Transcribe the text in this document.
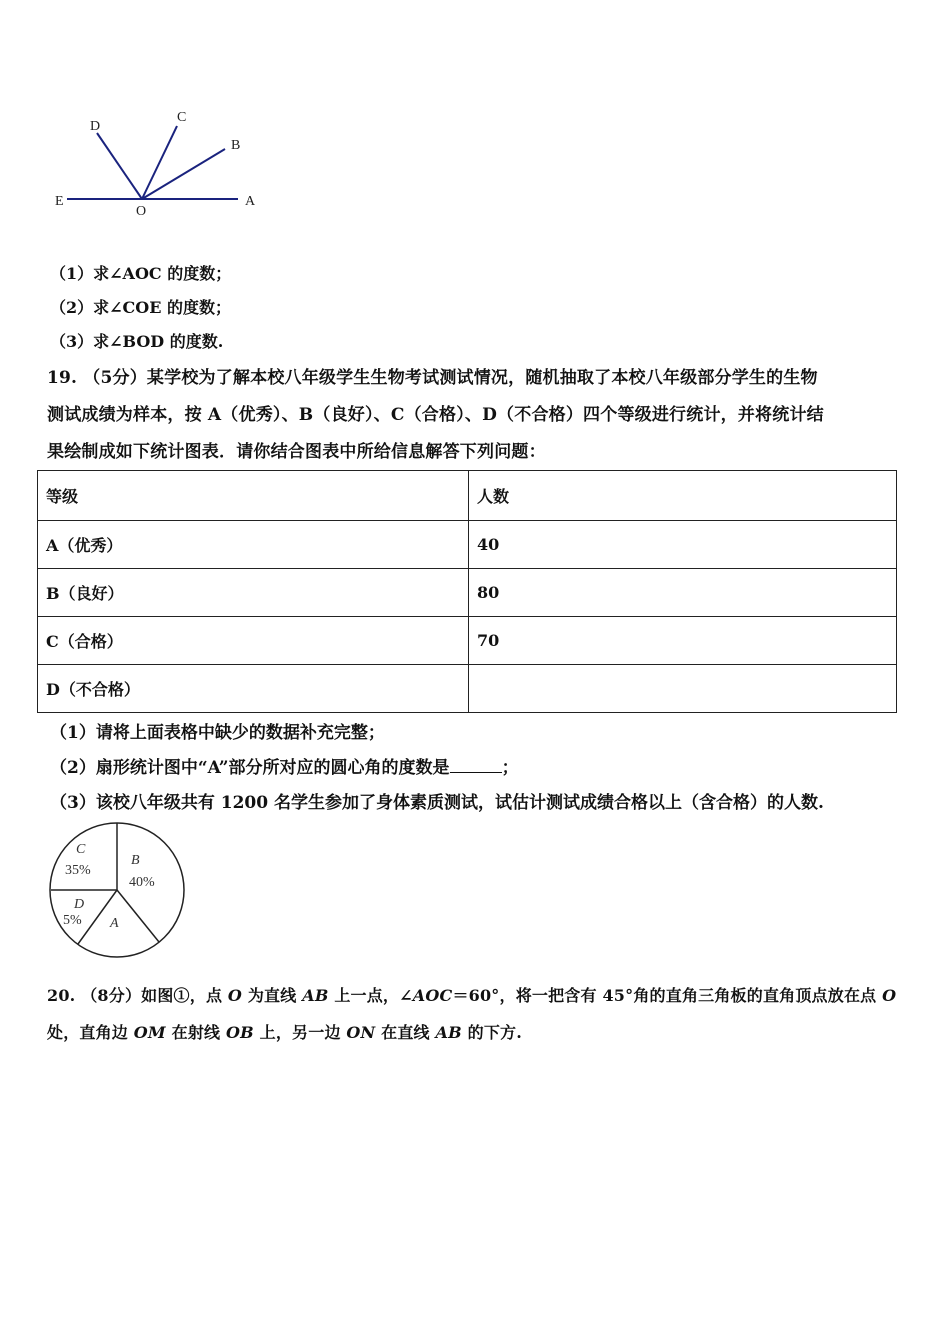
D
C
B
E
O
A
（1）求∠AOC 的度数；
（2）求∠COE 的度数；
（3）求∠BOD 的度数.
19. （5分）某学校为了解本校八年级学生生物考试测试情况，随机抽取了本校八年级部分学生的生物
测试成绩为样本，按 A（优秀）、B（良好）、C（合格）、D（不合格）四个等级进行统计，并将统计结
果绘制成如下统计图表．请你结合图表中所给信息解答下列问题：
等级	人数
A（优秀）	40
B（良好）	80
C（合格）	70
D（不合格）	
（1）请将上面表格中缺少的数据补充完整；
（2）扇形统计图中“A”部分所对应的圆心角的度数是	；
（3）该校八年级共有 1200 名学生参加了身体素质测试，试估计测试成绩合格以上（含合格）的人数.
C
35%
B
40%
A
D
5%
20. （8分）如图①，点 O 为直线 AB 上一点，∠AOC＝60°，将一把含有 45°角的直角三角板的直角顶点放在点 O
处，直角边 OM 在射线 OB 上，另一边 ON 在直线 AB 的下方.
